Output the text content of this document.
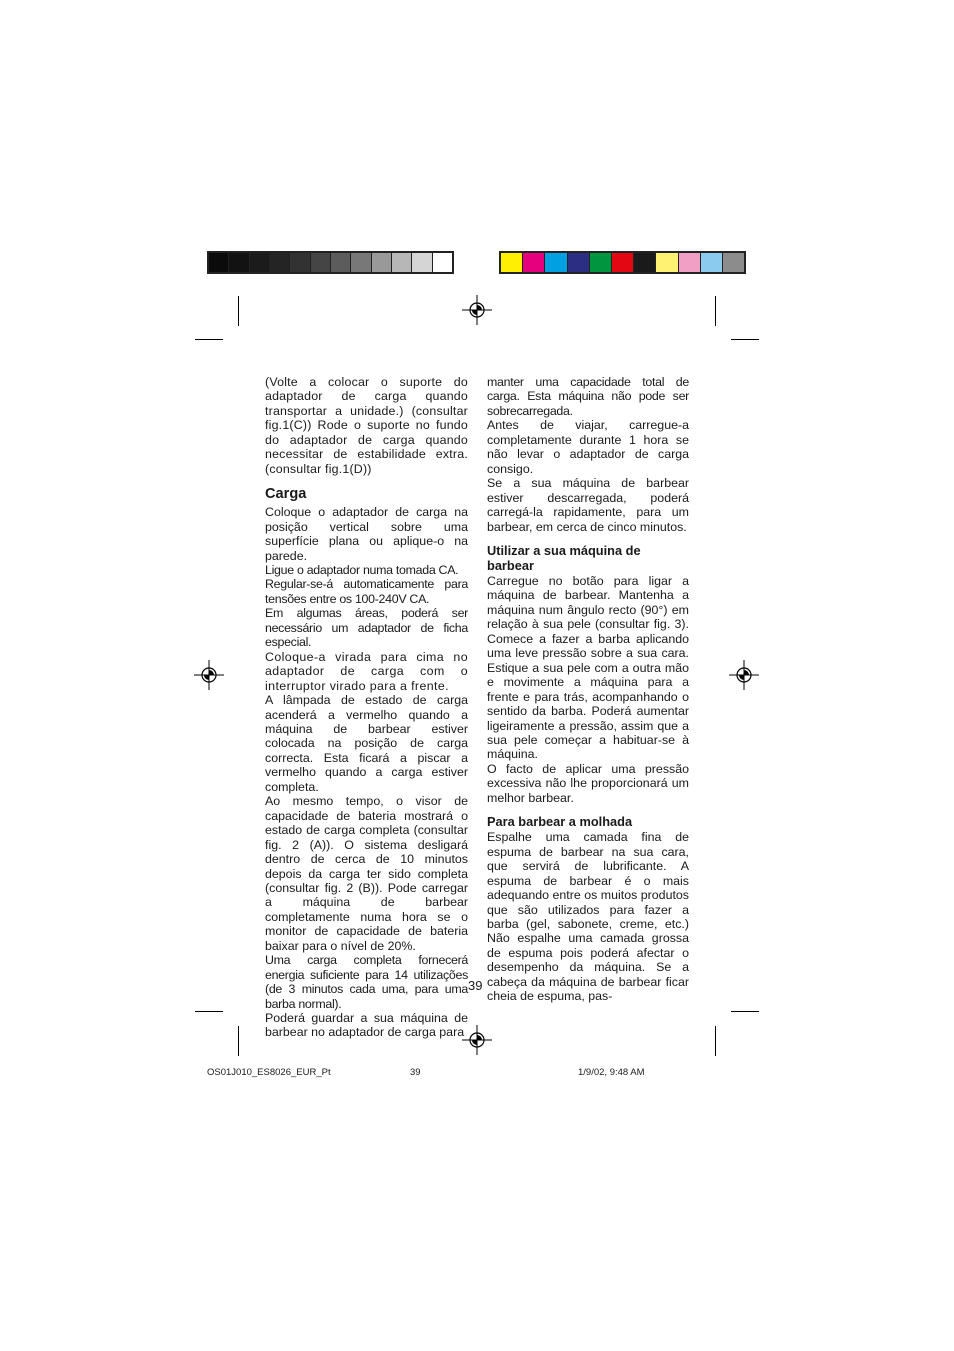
(Volte a colocar o suporte do adaptador de carga quando transportar a unidade.) (consultar fig.1(C)) Rode o suporte no fundo do adaptador de carga quando necessitar de estabilidade extra. (consultar fig.1(D))

Carga

Coloque o adaptador de carga na posição vertical sobre uma superfície plana ou aplique-o na parede.

Ligue o adaptador numa tomada CA.

Regular-se-á automaticamente para tensões entre os 100-240V CA.

Em algumas áreas, poderá ser necessário um adaptador de ficha especial.

Coloque-a virada para cima no adaptador de carga com o interruptor virado para a frente.

A lâmpada de estado de carga acenderá a vermelho quando a máquina de barbear estiver colocada na posição de carga correcta. Esta ficará a piscar a vermelho quando a carga estiver completa.

Ao mesmo tempo, o visor de capacidade de bateria mostrará o estado de carga completa (consultar fig. 2 (A)). O sistema desligará dentro de cerca de 10 minutos depois da carga ter sido completa (consultar fig. 2 (B)). Pode carregar a máquina de barbear completamente numa hora se o monitor de capacidade de bateria baixar para o nível de 20%.

Uma carga completa fornecerá energia suficiente para 14 utilizações (de 3 minutos cada uma, para uma barba normal).

Poderá guardar a sua máquina de barbear no adaptador de carga para

manter uma capacidade total de carga. Esta máquina não pode ser sobrecarregada.

Antes de viajar, carregue-a completamente durante 1 hora se não levar o adaptador de carga consigo.

Se a sua máquina de barbear estiver descarregada, poderá carregá-la rapidamente, para um barbear, em cerca de cinco minutos.

Utilizar a sua máquina de barbear

Carregue no botão para ligar a máquina de barbear. Mantenha a máquina num ângulo recto (90°) em relação à sua pele (consultar fig. 3). Comece a fazer a barba aplicando uma leve pressão sobre a sua cara. Estique a sua pele com a outra mão e movimente a máquina para a frente e para trás, acompanhando o sentido da barba. Poderá aumentar ligeiramente a pressão, assim que a sua pele começar a habituar-se à máquina.

O facto de aplicar uma pressão excessiva não lhe proporcionará um melhor barbear.

Para barbear a molhada

Espalhe uma camada fina de espuma de barbear na sua cara, que servirá de lubrificante. A espuma de barbear é o mais adequando entre os muitos produtos que são utilizados para fazer a barba (gel, sabonete, creme, etc.) Não espalhe uma camada grossa de espuma pois poderá afectar o desempenho da máquina. Se a cabeça da máquina de barbear ficar cheia de espuma, pas-

39
OS01J010_ES8026_EUR_Pt	39	1/9/02, 9:48 AM
